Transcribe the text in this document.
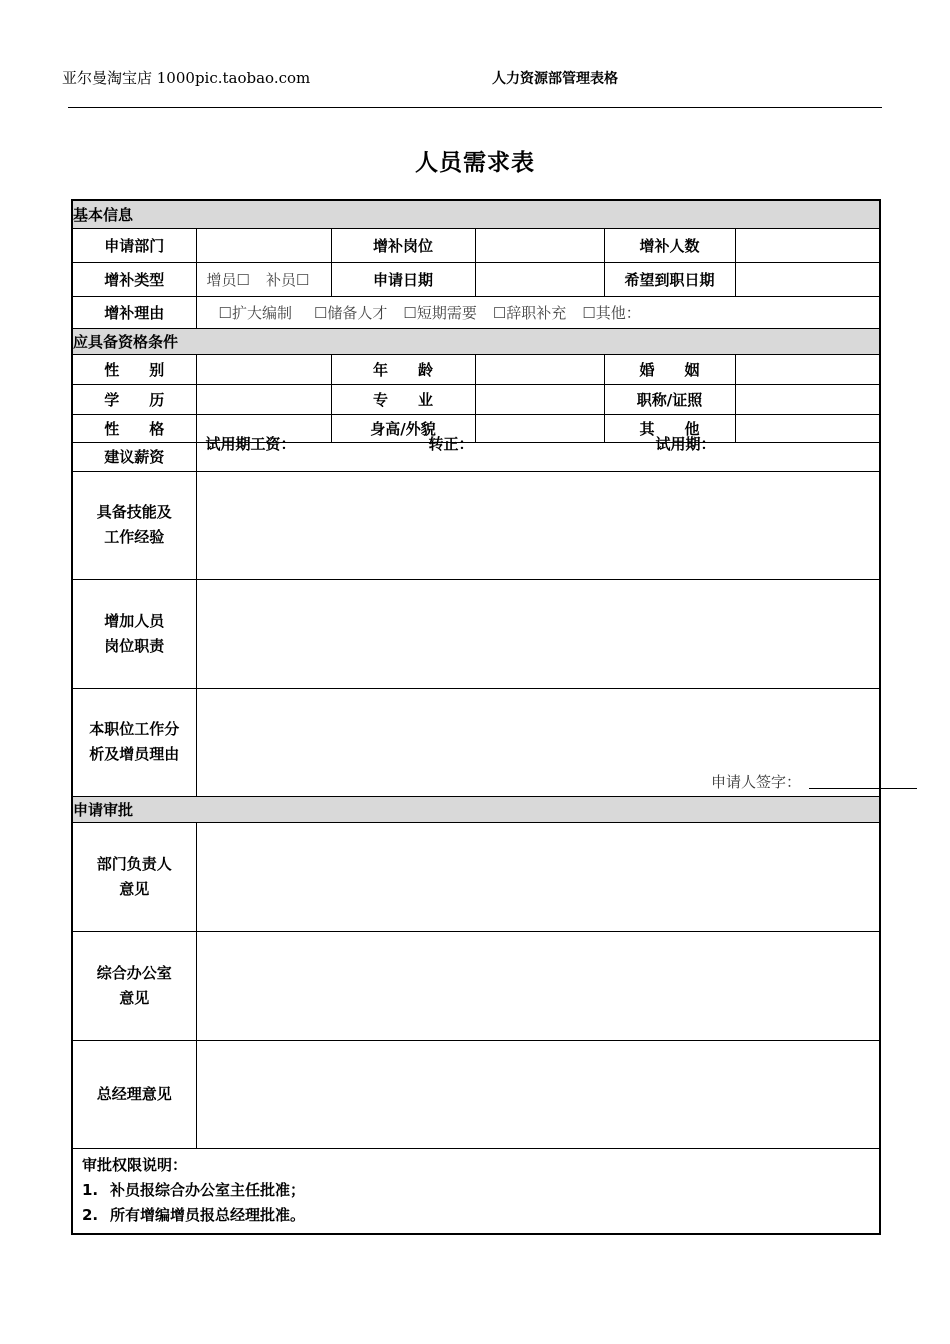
亚尔曼淘宝店 1000pic.taobao.com	人力资源部管理表格
人员需求表
基本信息					
申请部门		增补岗位		增补人数	
增补类型	增员☐ 补员☐	申请日期		希望到职日期	
增补理由	☐扩大编制 ☐储备人才 ☐短期需要 ☐辞职补充 ☐其他：				
应具备资格条件					
性　　别		年　　龄		婚　　姻	
学　　历		专　　业		职称/证照	
性　　格		身高/外貌		其　　他	
建议薪资	试用期工资： 转正： 试用期：				

具备技能及
工作经验					
增加人员
岗位职责					
本职位工作分
析及增员理由	申请人签字：				

申请审批					
部门负责人
意见					
综合办公室
意见					
总经理意见					

审批权限说明：
1. 补员报综合办公室主任批准；
2. 所有增编增员报总经理批准。					
